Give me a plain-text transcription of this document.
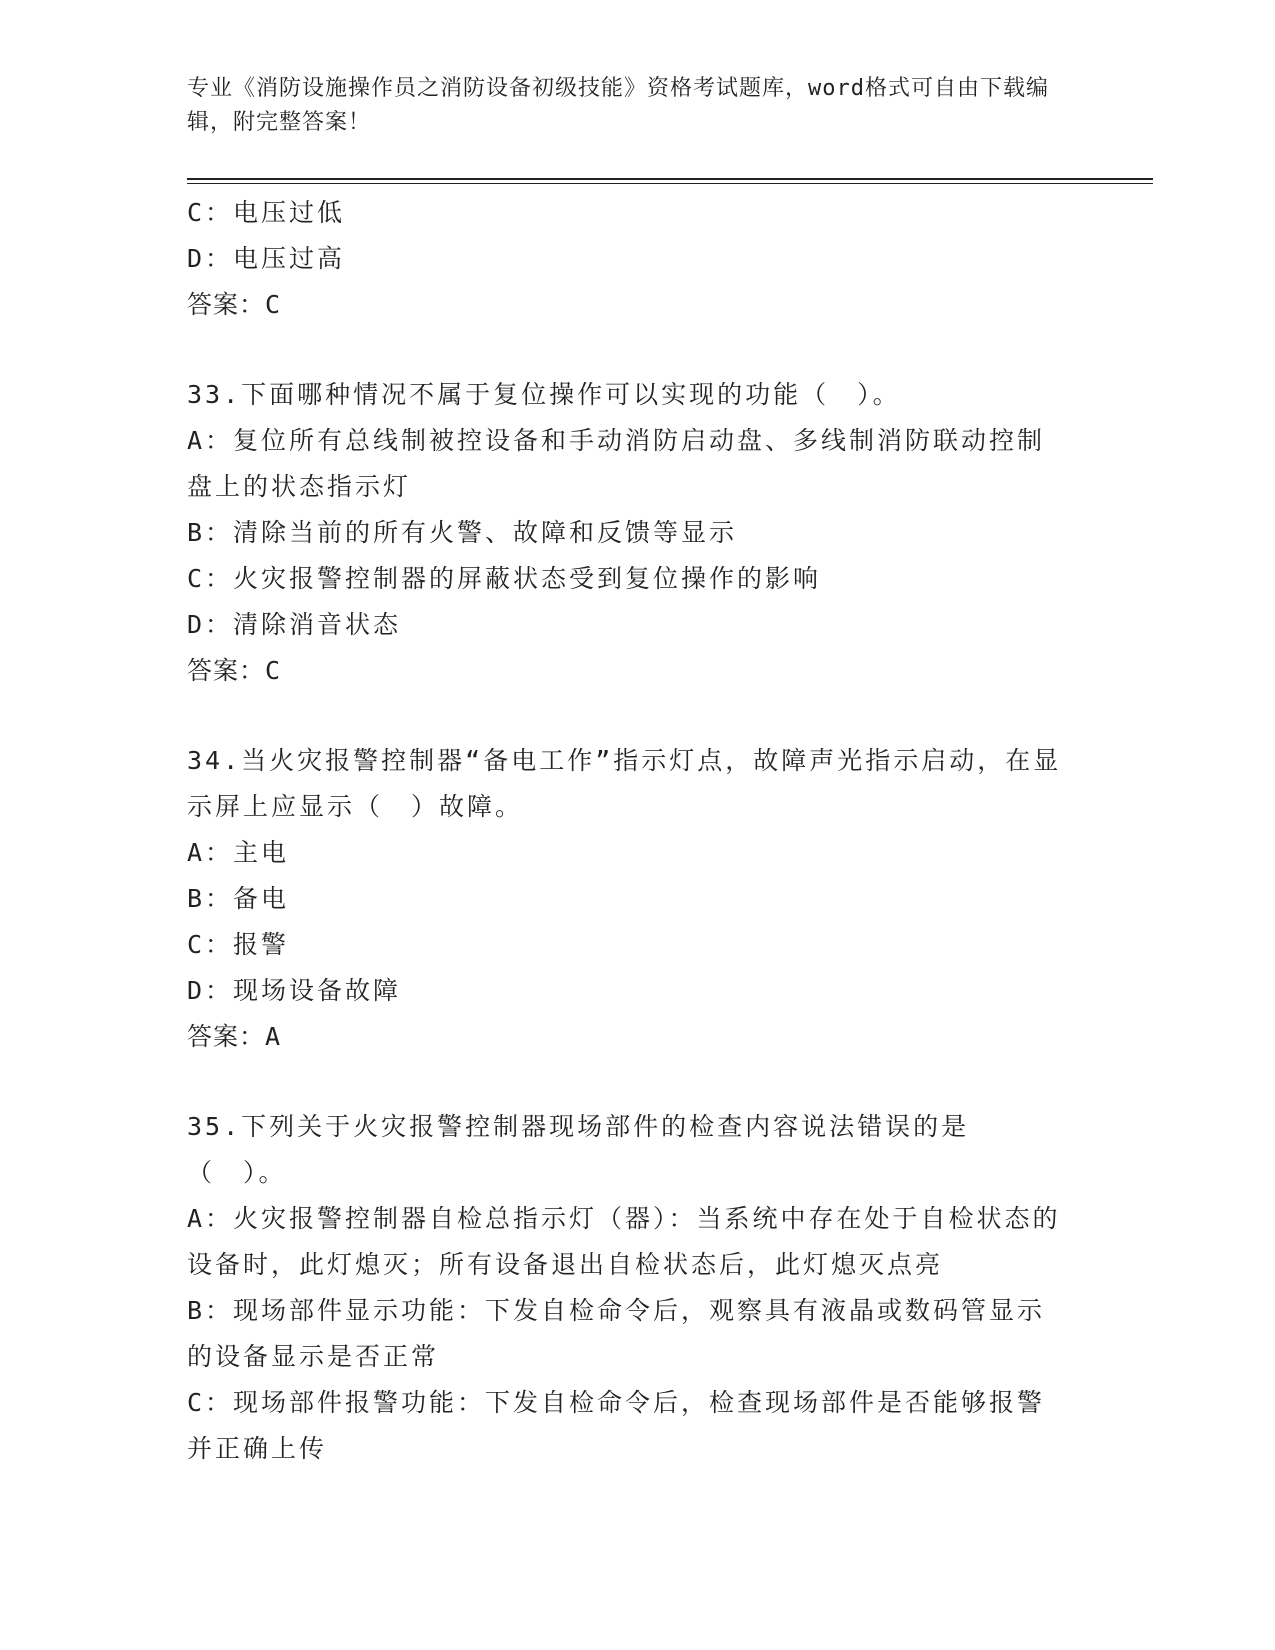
专业《消防设施操作员之消防设备初级技能》资格考试题库，word格式可自由下载编辑，附完整答案！
C：电压过低
D：电压过高
答案：C
33.下面哪种情况不属于复位操作可以实现的功能（　）。
A：复位所有总线制被控设备和手动消防启动盘、多线制消防联动控制盘上的状态指示灯
B：清除当前的所有火警、故障和反馈等显示
C：火灾报警控制器的屏蔽状态受到复位操作的影响
D：清除消音状态
答案：C
34.当火灾报警控制器“备电工作”指示灯点，故障声光指示启动，在显示屏上应显示（　）故障。
A：主电
B：备电
C：报警
D：现场设备故障
答案：A
35.下列关于火灾报警控制器现场部件的检查内容说法错误的是（　）。
A：火灾报警控制器自检总指示灯（器）：当系统中存在处于自检状态的设备时，此灯熄灭；所有设备退出自检状态后，此灯熄灭点亮
B：现场部件显示功能：下发自检命令后，观察具有液晶或数码管显示的设备显示是否正常
C：现场部件报警功能：下发自检命令后，检查现场部件是否能够报警并正确上传
